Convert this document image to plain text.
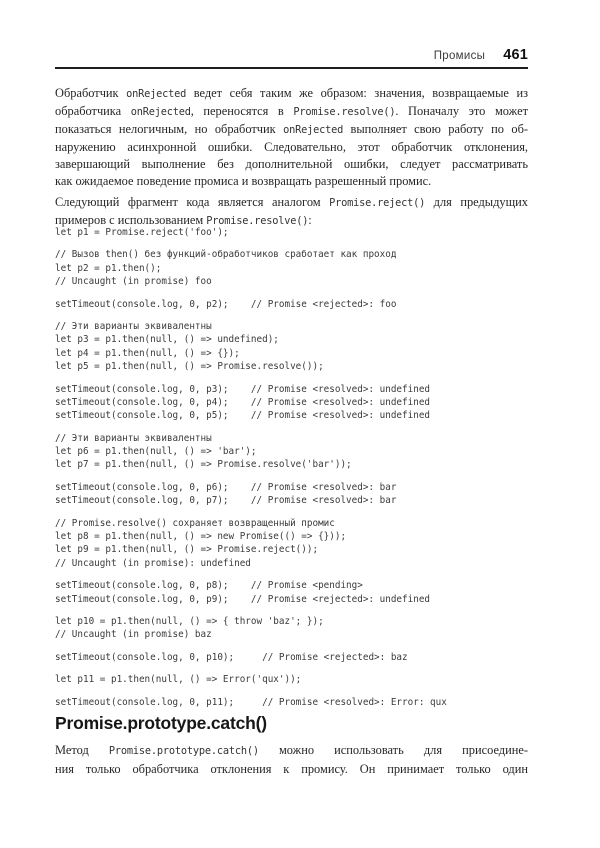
Промисы 461
Обработчик onRejected ведет себя таким же образом: значения, возвращаемые из
обработчика onRejected, переносятся в Promise.resolve(). Поначалу это может
показаться нелогичным, но обработчик onRejected выполняет свою работу по об-
наружению асинхронной ошибки. Следовательно, этот обработчик отклонения,
завершающий выполнение без дополнительной ошибки, следует рассматривать
как ожидаемое поведение промиса и возвращать разрешенный промис.
Следующий фрагмент кода является аналогом Promise.reject() для предыдущих
примеров с использованием Promise.resolve():
let p1 = Promise.reject('foo');
// Вызов then() без функций-обработчиков сработает как проход
let p2 = p1.then();
// Uncaught (in promise) foo
setTimeout(console.log, 0, p2);    // Promise <rejected>: foo
// Эти варианты эквивалентны
let p3 = p1.then(null, () => undefined);
let p4 = p1.then(null, () => {});
let p5 = p1.then(null, () => Promise.resolve());
setTimeout(console.log, 0, p3);    // Promise <resolved>: undefined
setTimeout(console.log, 0, p4);    // Promise <resolved>: undefined
setTimeout(console.log, 0, p5);    // Promise <resolved>: undefined
// Эти варианты эквивалентны
let p6 = p1.then(null, () => 'bar');
let p7 = p1.then(null, () => Promise.resolve('bar'));
setTimeout(console.log, 0, p6);    // Promise <resolved>: bar
setTimeout(console.log, 0, p7);    // Promise <resolved>: bar
// Promise.resolve() сохраняет возвращенный промис
let p8 = p1.then(null, () => new Promise(() => {}));
let p9 = p1.then(null, () => Promise.reject());
// Uncaught (in promise): undefined
setTimeout(console.log, 0, p8);    // Promise <pending>
setTimeout(console.log, 0, p9);    // Promise <rejected>: undefined
let p10 = p1.then(null, () => { throw 'baz'; });
// Uncaught (in promise) baz
setTimeout(console.log, 0, p10);     // Promise <rejected>: baz
let p11 = p1.then(null, () => Error('qux'));
setTimeout(console.log, 0, p11);     // Promise <resolved>: Error: qux
Promise.prototype.catch()
Метод Promise.prototype.catch() можно использовать для присоедине-
ния только обработчика отклонения к промису. Он принимает только один
